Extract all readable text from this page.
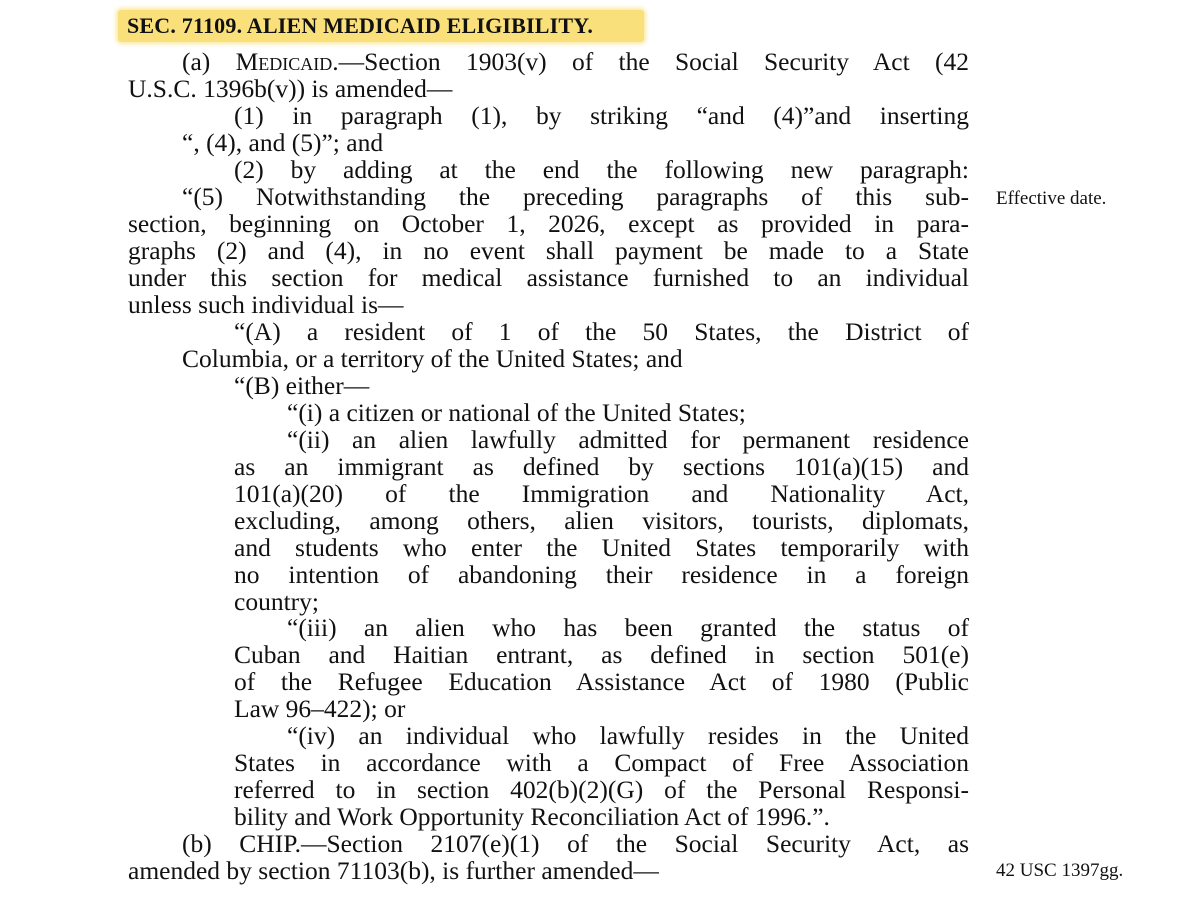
SEC. 71109. ALIEN MEDICAID ELIGIBILITY.
(a) Medicaid.—Section 1903(v) of the Social Security Act (42
U.S.C. 1396b(v)) is amended—
(1) in paragraph (1), by striking “and (4)”and inserting
“, (4), and (5)”; and
(2) by adding at the end the following new paragraph:
“(5) Notwithstanding the preceding paragraphs of this sub-
section, beginning on October 1, 2026, except as provided in para-
graphs (2) and (4), in no event shall payment be made to a State
under this section for medical assistance furnished to an individual
unless such individual is—
“(A) a resident of 1 of the 50 States, the District of
Columbia, or a territory of the United States; and
“(B) either—
“(i) a citizen or national of the United States;
“(ii) an alien lawfully admitted for permanent residence
as an immigrant as defined by sections 101(a)(15) and
101(a)(20) of the Immigration and Nationality Act,
excluding, among others, alien visitors, tourists, diplomats,
and students who enter the United States temporarily with
no intention of abandoning their residence in a foreign
country;
“(iii) an alien who has been granted the status of
Cuban and Haitian entrant, as defined in section 501(e)
of the Refugee Education Assistance Act of 1980 (Public
Law 96–422); or
“(iv) an individual who lawfully resides in the United
States in accordance with a Compact of Free Association
referred to in section 402(b)(2)(G) of the Personal Responsi-
bility and Work Opportunity Reconciliation Act of 1996.”.
(b) CHIP.—Section 2107(e)(1) of the Social Security Act, as
amended by section 71103(b), is further amended—
Effective date.
42 USC 1397gg.
